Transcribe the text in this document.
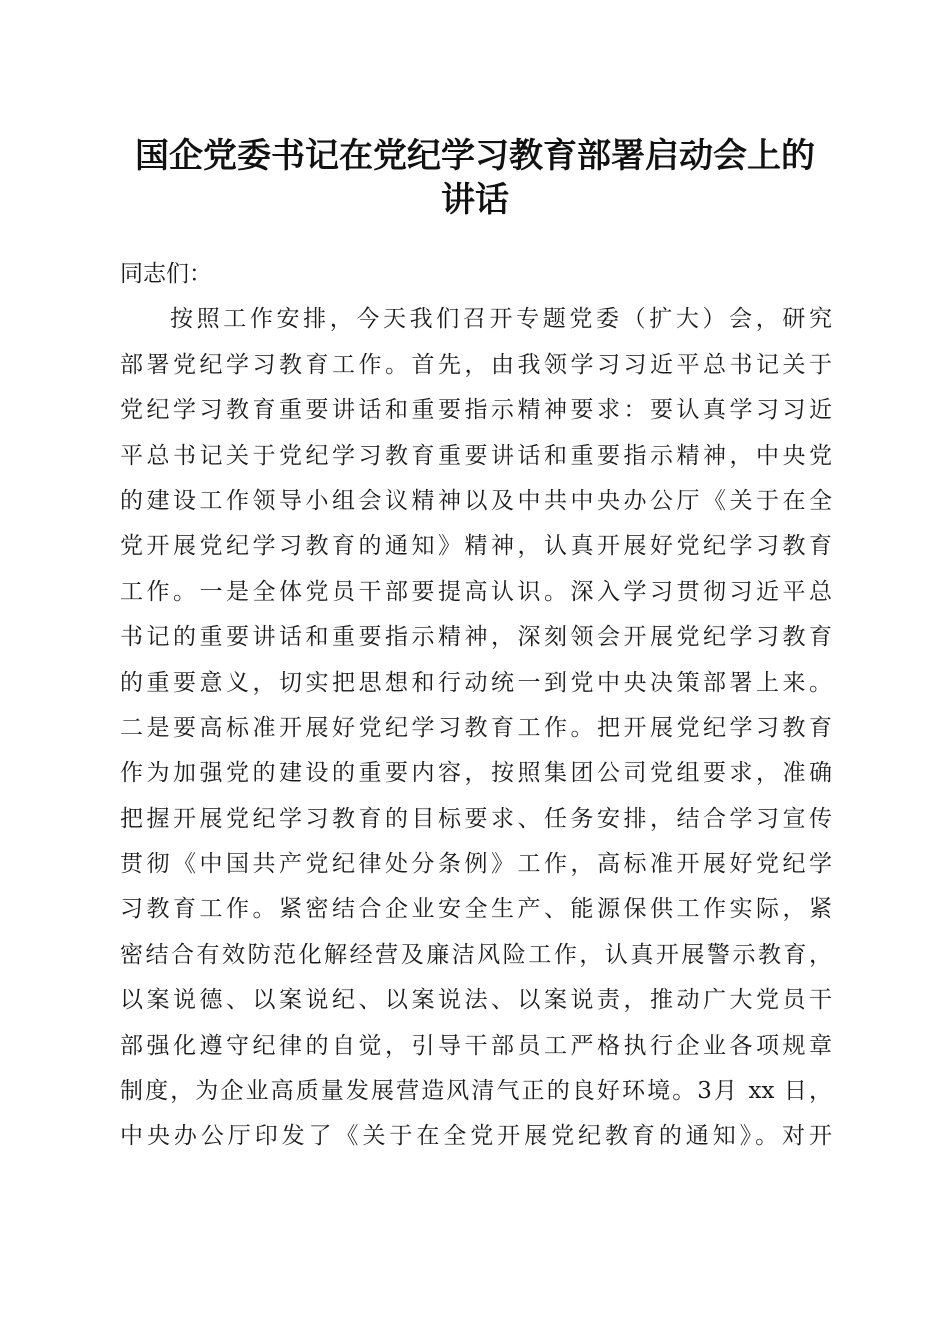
国企党委书记在党纪学习教育部署启动会上的
讲话
同志们：
按照工作安排，今天我们召开专题党委（扩大）会，研究
部署党纪学习教育工作。首先，由我领学习习近平总书记关于
党纪学习教育重要讲话和重要指示精神要求：要认真学习习近
平总书记关于党纪学习教育重要讲话和重要指示精神，中央党
的建设工作领导小组会议精神以及中共中央办公厅《关于在全
党开展党纪学习教育的通知》精神，认真开展好党纪学习教育
工作。一是全体党员干部要提高认识。深入学习贯彻习近平总
书记的重要讲话和重要指示精神，深刻领会开展党纪学习教育
的重要意义，切实把思想和行动统一到党中央决策部署上来。
二是要高标准开展好党纪学习教育工作。把开展党纪学习教育
作为加强党的建设的重要内容，按照集团公司党组要求，准确
把握开展党纪学习教育的目标要求、任务安排，结合学习宣传
贯彻《中国共产党纪律处分条例》工作，高标准开展好党纪学
习教育工作。紧密结合企业安全生产、能源保供工作实际，紧
密结合有效防范化解经营及廉洁风险工作，认真开展警示教育，
以案说德、以案说纪、以案说法、以案说责，推动广大党员干
部强化遵守纪律的自觉，引导干部员工严格执行企业各项规章
制度，为企业高质量发展营造风清气正的良好环境。3月 xx 日，
中央办公厅印发了《关于在全党开展党纪教育的通知》。对开
